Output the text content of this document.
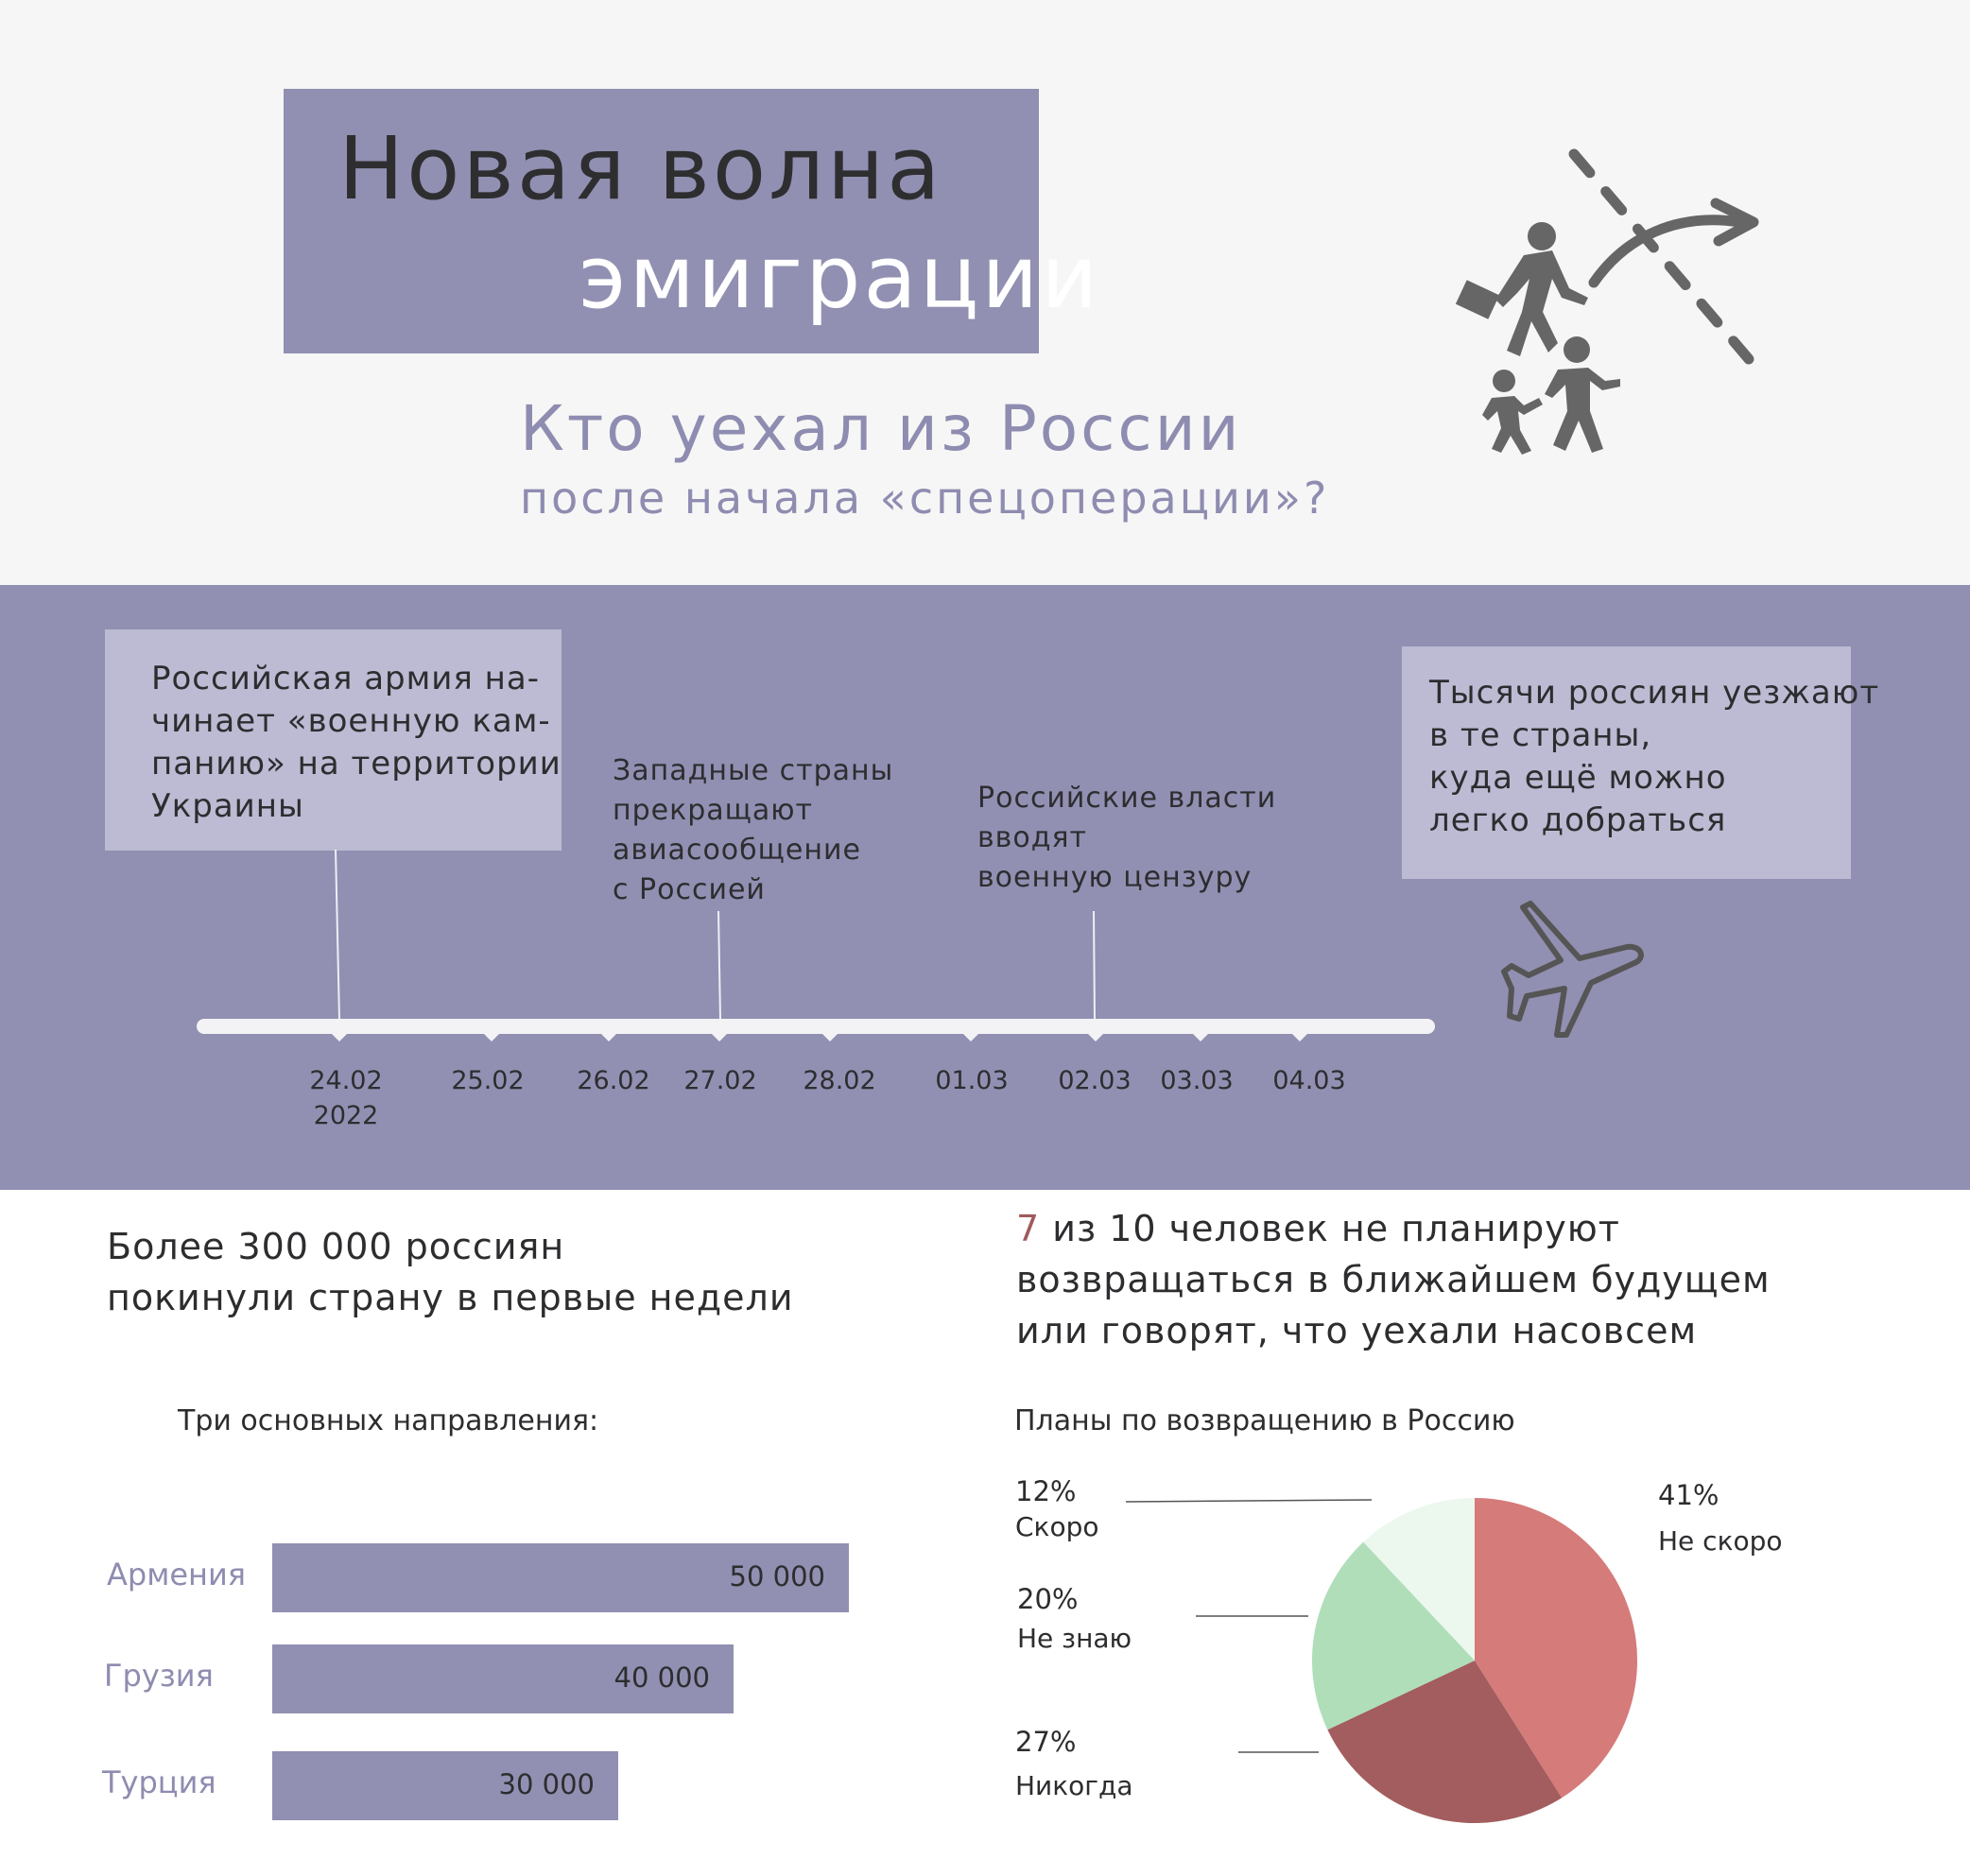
Новая волна
эмиграции
Кто уехал из России
после начала «спецоперации»?
Российская армия на-
чинает «военную кам-
панию» на территории
Украины
Западные страны
прекращают
авиасообщение
с Россией
Российские власти
вводят
военную цензуру
Тысячи россиян уезжают
в те страны,
куда ещё можно
легко добраться
24.02
2022
25.02	26.02	27.02	28.02	01.03	02.03	03.03	04.03
Более 300 000 россиян
покинули страну в первые недели
Три основных направления:
7 из 10 человек не планируют
возвращаться в ближайшем будущем
или говорят, что уехали насовсем
Планы по возвращению в Россию
Армения	50 000
Грузия	40 000
Турция	30 000
41%
Не скоро
27%
Никогда
20%
Не знаю
12%
Скоро
